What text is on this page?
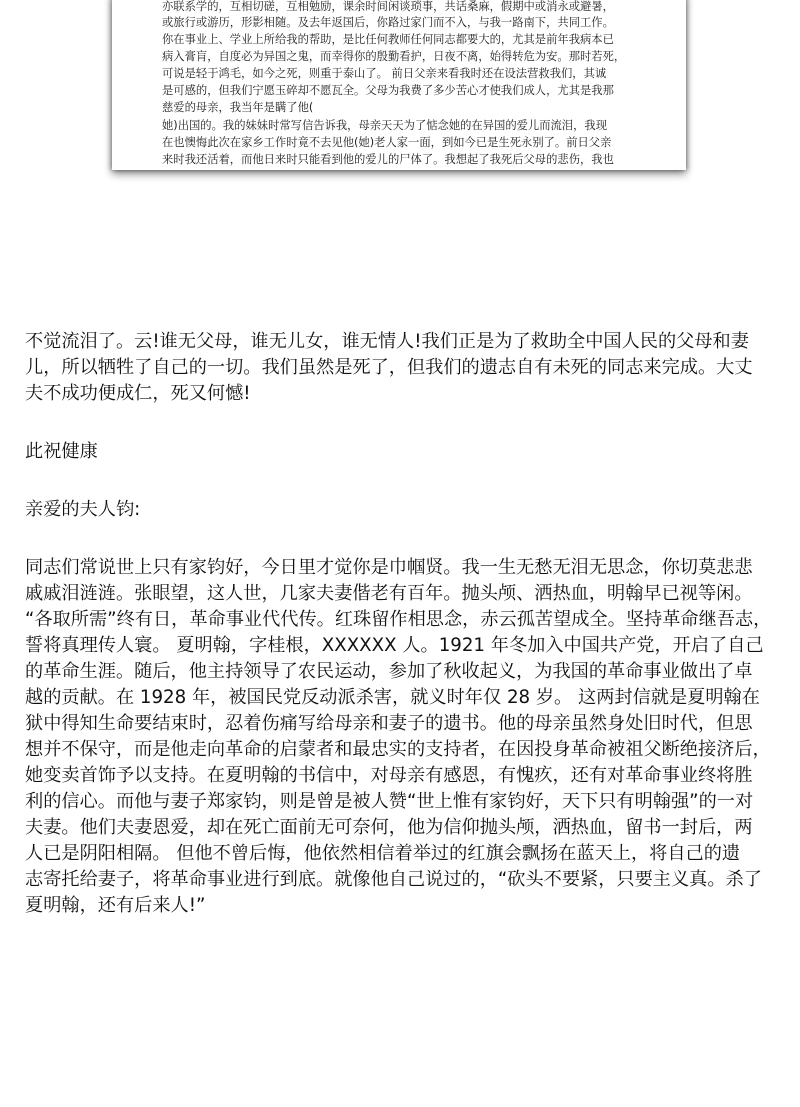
亦联系学的，互相切磋，互相勉励，课余时间闲谈琐事，共话桑麻，假期中或消永或避暑，
或旅行或游历，形影相随。及去年返国后，你路过家门而不入，与我一路南下，共同工作。
你在事业上、学业上所给我的帮助，是比任何教师任何同志都要大的，尤其是前年我病本已
病入膏肓，自度必为异国之鬼，而幸得你的殷勤看护，日夜不离，始得转危为安。那时若死，
可说是轻于鸿毛，如今之死，则重于泰山了。 前日父亲来看我时还在设法营救我们，其诚
是可感的，但我们宁愿玉碎却不愿瓦全。父母为我费了多少苦心才使我们成人，尤其是我那
慈爱的母亲，我当年是瞒了他(
她)出国的。我的妹妹时常写信告诉我，母亲天天为了惦念她的在异国的爱儿而流泪，我现
在也懊悔此次在家乡工作时竟不去见他(她)老人家一面，到如今已是生死永别了。前日父亲
来时我还活着，而他日来时只能看到他的爱儿的尸体了。我想起了我死后父母的悲伤，我也
不觉流泪了。云!谁无父母，谁无儿女，谁无情人!我们正是为了救助全中国人民的父母和妻
儿，所以牺牲了自己的一切。我们虽然是死了，但我们的遗志自有未死的同志来完成。大丈
夫不成功便成仁，死又何憾!
此祝健康
亲爱的夫人钧:
同志们常说世上只有家钧好，今日里才觉你是巾帼贤。我一生无愁无泪无思念，你切莫悲悲
戚戚泪涟涟。张眼望，这人世，几家夫妻偕老有百年。抛头颅、洒热血，明翰早已视等闲。
“各取所需”终有日，革命事业代代传。红珠留作相思念，赤云孤苦望成全。坚持革命继吾志，
誓将真理传人寰。 夏明翰，字桂根，XXXXXX 人。1921 年冬加入中国共产党，开启了自己
的革命生涯。随后，他主持领导了农民运动，参加了秋收起义，为我国的革命事业做出了卓
越的贡献。在 1928 年，被国民党反动派杀害，就义时年仅 28 岁。 这两封信就是夏明翰在
狱中得知生命要结束时，忍着伤痛写给母亲和妻子的遗书。他的母亲虽然身处旧时代，但思
想并不保守，而是他走向革命的启蒙者和最忠实的支持者，在因投身革命被祖父断绝接济后，
她变卖首饰予以支持。在夏明翰的书信中，对母亲有感恩，有愧疚，还有对革命事业终将胜
利的信心。而他与妻子郑家钧，则是曾是被人赞“世上惟有家钧好，天下只有明翰强”的一对
夫妻。他们夫妻恩爱，却在死亡面前无可奈何，他为信仰抛头颅，洒热血，留书一封后，两
人已是阴阳相隔。 但他不曾后悔，他依然相信着举过的红旗会飘扬在蓝天上，将自己的遗
志寄托给妻子，将革命事业进行到底。就像他自己说过的，“砍头不要紧，只要主义真。杀了
夏明翰，还有后来人!”
